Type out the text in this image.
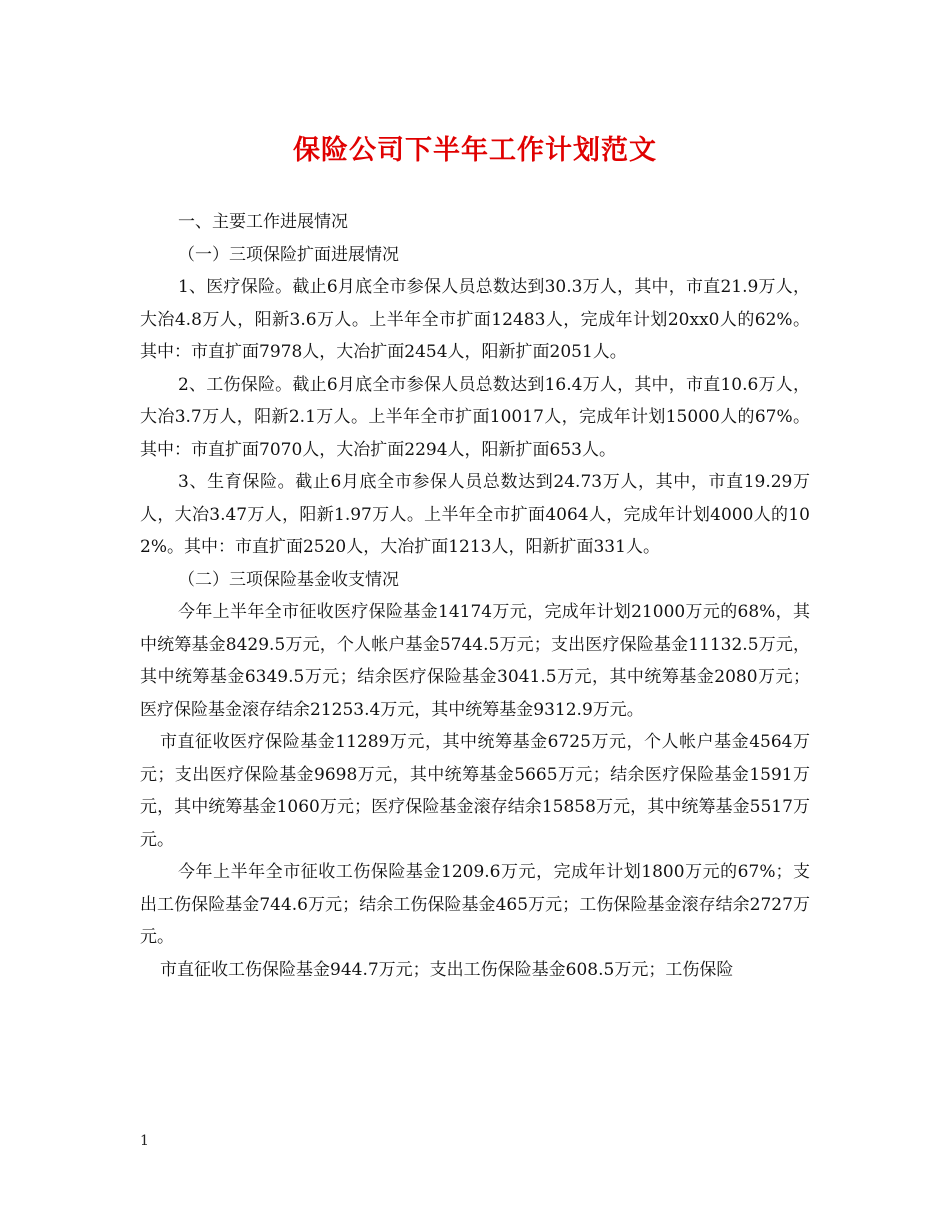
保险公司下半年工作计划范文

一、主要工作进展情况

（一）三项保险扩面进展情况

1、医疗保险。截止6月底全市参保人员总数达到30.3万人，其中，市直21.9万人，大冶4.8万人，阳新3.6万人。上半年全市扩面12483人，完成年计划20xx0人的62%。其中：市直扩面7978人，大冶扩面2454人，阳新扩面2051人。

2、工伤保险。截止6月底全市参保人员总数达到16.4万人，其中，市直10.6万人，大冶3.7万人，阳新2.1万人。上半年全市扩面10017人，完成年计划15000人的67%。其中：市直扩面7070人，大冶扩面2294人，阳新扩面653人。

3、生育保险。截止6月底全市参保人员总数达到24.73万人，其中，市直19.29万人，大冶3.47万人，阳新1.97万人。上半年全市扩面4064人，完成年计划4000人的102%。其中：市直扩面2520人，大冶扩面1213人，阳新扩面331人。

（二）三项保险基金收支情况

今年上半年全市征收医疗保险基金14174万元，完成年计划21000万元的68%，其中统筹基金8429.5万元，个人帐户基金5744.5万元；支出医疗保险基金11132.5万元，其中统筹基金6349.5万元；结余医疗保险基金3041.5万元，其中统筹基金2080万元；医疗保险基金滚存结余21253.4万元，其中统筹基金9312.9万元。

市直征收医疗保险基金11289万元，其中统筹基金6725万元，个人帐户基金4564万元；支出医疗保险基金9698万元，其中统筹基金5665万元；结余医疗保险基金1591万元，其中统筹基金1060万元；医疗保险基金滚存结余15858万元，其中统筹基金5517万元。

今年上半年全市征收工伤保险基金1209.6万元，完成年计划1800万元的67%；支出工伤保险基金744.6万元；结余工伤保险基金465万元；工伤保险基金滚存结余2727万元。

市直征收工伤保险基金944.7万元；支出工伤保险基金608.5万元；工伤保险

1
